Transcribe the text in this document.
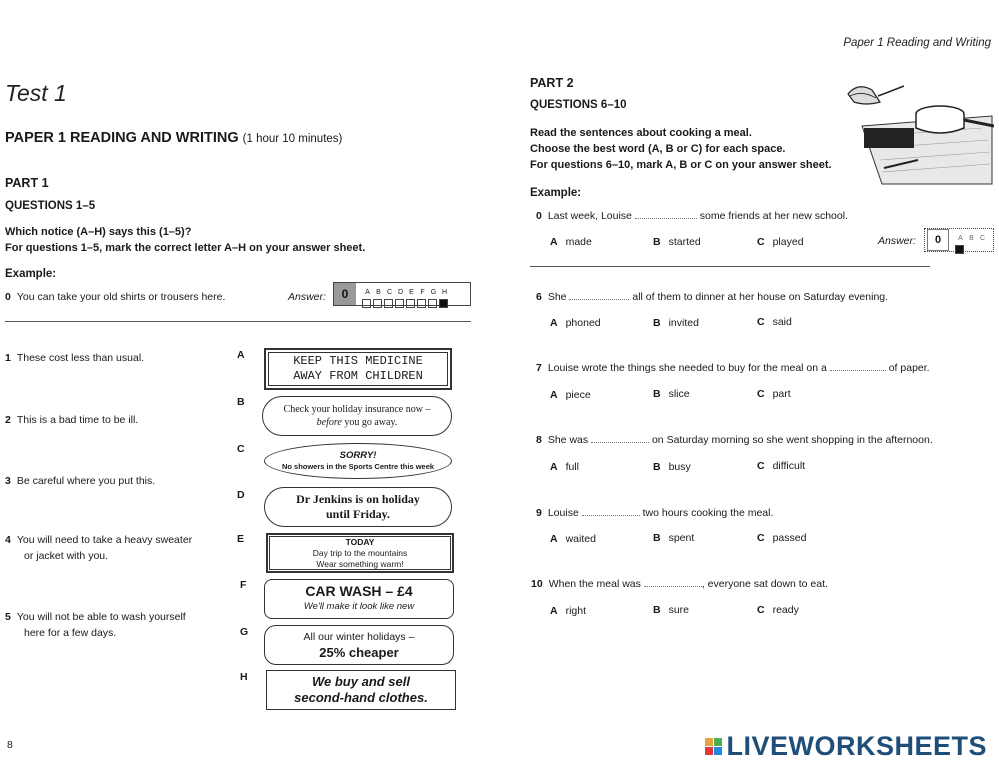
Paper 1 Reading and Writing
Test 1
PAPER 1 READING AND WRITING (1 hour 10 minutes)
PART 1
QUESTIONS 1–5
Which notice (A–H) says this (1–5)?
For questions 1–5, mark the correct letter A–H on your answer sheet.
Example:
0 You can take your old shirts or trousers here.	Answer: 0	A B C D E F G H
1 These cost less than usual.
2 This is a bad time to be ill.
3 Be careful where you put this.
4 You will need to take a heavy sweater
or jacket with you.
5 You will not be able to wash yourself
here for a few days.
A
B
C
D
E
F
G
H
KEEP THIS MEDICINE
AWAY FROM CHILDREN
Check your holiday insurance now –
before you go away.
SORRY!
No showers in the Sports Centre this week
Dr Jenkins is on holiday
until Friday.
TODAY
Day trip to the mountains
Wear something warm!
CAR WASH – £4
We'll make it look like new
All our winter holidays –
25% cheaper
We buy and sell
second-hand clothes.
8
PART 2
QUESTIONS 6–10
Read the sentences about cooking a meal.
Choose the best word (A, B or C) for each space.
For questions 6–10, mark A, B or C on your answer sheet.
Example:
0 Last week, Louise	some friends at her new school.
A made	B started	C played	Answer: 0	A B C
6 She	all of them to dinner at her house on Saturday evening.
A phoned	B invited	C said
7 Louise wrote the things she needed to buy for the meal on a	of paper.
A piece	B slice	C part
8 She was	on Saturday morning so she went shopping in the afternoon.
A full	B busy	C difficult
9 Louise	two hours cooking the meal.
A waited	B spent	C passed
10 When the meal was	, everyone sat down to eat.
A right	B sure	C ready
LIVEWORKSHEETS
